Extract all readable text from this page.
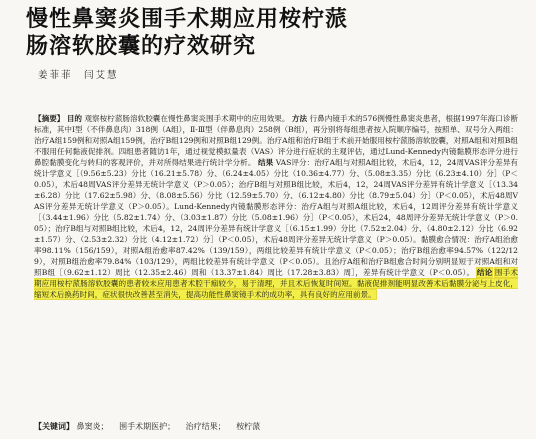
慢性鼻窦炎围手术期应用桉柠蒎
肠溶软胶囊的疗效研究
姜菲菲　闫艾慧
【摘要】 目的 观察桉柠蒎肠溶软胶囊在慢性鼻窦炎围手术期中的应用效果。 方法 行鼻内镜手术的576例慢性鼻窦炎患者，根据1997年海口诊断标准，其中Ⅰ型（不伴鼻息肉）318例（A组），Ⅱ-Ⅲ型（伴鼻息肉）258例（B组），再分别将每组患者按入院顺序编号，按照单、双号分入两组：治疗A组159例和对照A组159例，治疗B组129例和对照B组129例。治疗A组和治疗B组于术前开始服用桉柠蒎肠溶软胶囊，对照A组和对照B组不服用任何黏液促排剂。四组患者随访1年，通过视觉模拟量表（VAS）评分进行症状的主观评估，通过Lund-Kennedy内镜黏膜形态评分进行鼻腔黏膜变化与转归的客观评价，并对所得结果进行统计学分析。 结果 VAS评分：治疗A组与对照A组比较，术后4，12，24周VAS评分差异有统计学意义［（9.56±5.23）分比（16.21±5.78）分、（6.24±4.05）分比（10.36±4.77）分、（5.08±3.35）分比（6.23±4.10）分］（P＜0.05），术后48周VAS评分差异无统计学意义（P＞0.05）；治疗B组与对照B组比较，术后4，12，24周VAS评分差异有统计学意义［（13.34±6.28）分比（17.62±5.98）分、（8.08±5.56）分比（12.59±5.70）分、（6.12±4.80）分比（8.79±5.04）分］（P＜0.05），术后48周VAS评分差异无统计学意义（P＞0.05）。Lund-Kennedy内镜黏膜形态评分：治疗A组与对照A组比较，术后4，12周评分差异有统计学意义［（3.44±1.96）分比（5.82±1.74）分、（3.03±1.87）分比（5.08±1.96）分］（P＜0.05），术后24，48周评分差异无统计学意义（P＞0.05）；治疗B组与对照B组比较，术后4，12，24周评分差异有统计学意义［（6.15±1.99）分比（7.52±2.04）分、（4.80±2.12）分比（6.92±1.57）分、（2.53±2.32）分比（4.12±1.72）分］（P＜0.05），术后48周评分差异无统计学意义（P＞0.05）。黏膜愈合情况：治疗A组治愈率98.11%（156/159），对照A组治愈率87.42%（139/159），两组比较差异有统计学意义（P＜0.05）；治疗B组治愈率94.57%（122/129），对照B组治愈率79.84%（103/129），两组比较差异有统计学意义（P＜0.05）。且治疗A组和治疗B组愈合时间分别明显短于对照A组和对照B组［（9.62±1.12）周比（12.35±2.46）周和（13.37±1.84）周比（17.28±3.83）周］，差异有统计学意义（P＜0.05）。 结论 围手术期应用桉柠蒎肠溶软胶囊的患者较未应用患者术腔干痂较少，易于清理，并且术后恢复时间短。黏液促排剂能明显改善术后黏膜分泌与上皮化，缩短术后换药时间，症状很快改善甚至消失，提高功能性鼻窦镜手术的成功率，具有良好的应用前景。
【关键词】 鼻窦炎； 围手术期医护； 治疗结果； 桉柠蒎
